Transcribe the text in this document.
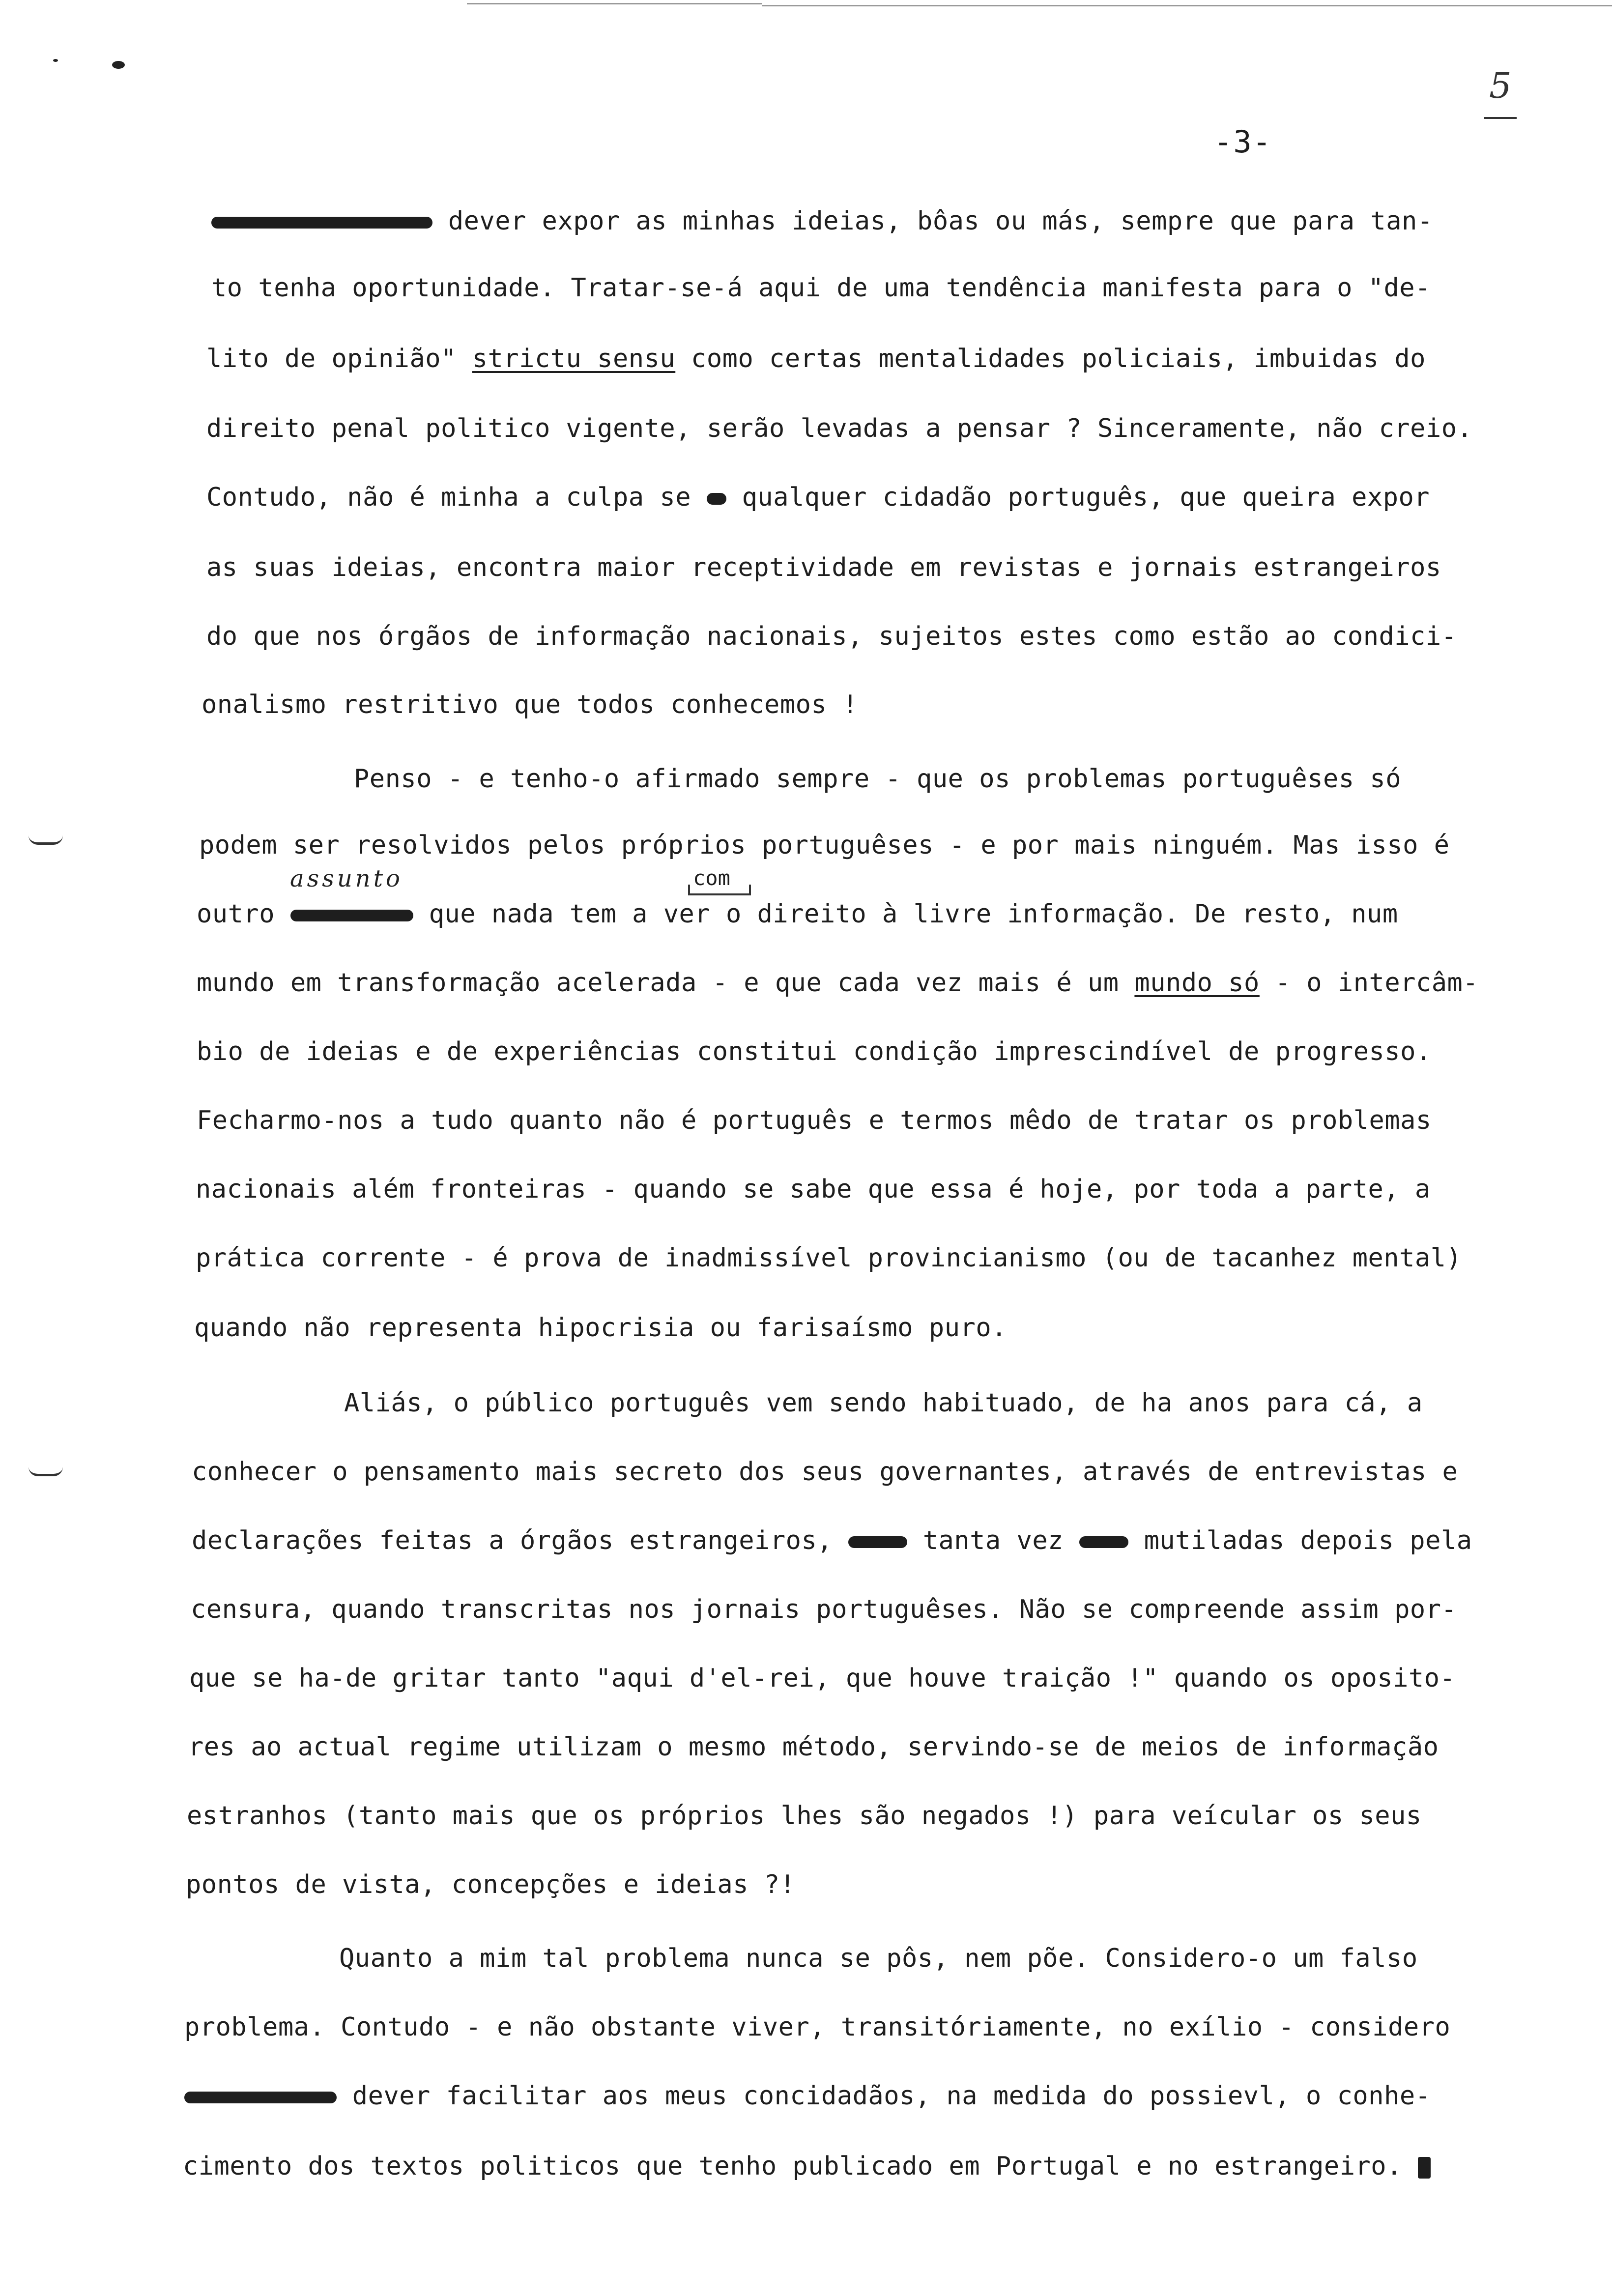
5
-3-
dever expor as minhas ideias, bôas ou más, sempre que para tan-
to tenha oportunidade. Tratar-se-á aqui de uma tendência manifesta para o "de-
lito de opinião" strictu sensu como certas mentalidades policiais, imbuidas do
direito penal politico vigente, serão levadas a pensar ? Sinceramente, não creio.
Contudo, não é minha a culpa se  qualquer cidadão português, que queira expor
as suas ideias, encontra maior receptividade em revistas e jornais estrangeiros
do que nos órgãos de informação nacionais, sujeitos estes como estão ao condici-
onalismo restritivo que todos conhecemos !
Penso - e tenho-o afirmado sempre - que os problemas portuguêses só
podem ser resolvidos pelos próprios portuguêses - e por mais ninguém. Mas isso é
assunto	com
outro	que nada tem a ver o direito à livre informação. De resto, num
mundo em transformação acelerada - e que cada vez mais é um mundo só - o intercâm-
bio de ideias e de experiências constitui condição imprescindível de progresso.
Fecharmo-nos a tudo quanto não é português e termos mêdo de tratar os problemas
nacionais além fronteiras - quando se sabe que essa é hoje, por toda a parte, a
prática corrente - é prova de inadmissível provincianismo (ou de tacanhez mental)
quando não representa hipocrisia ou farisaísmo puro.
Aliás, o público português vem sendo habituado, de ha anos para cá, a
conhecer o pensamento mais secreto dos seus governantes, através de entrevistas e
declarações feitas a órgãos estrangeiros,  tanta vez  mutiladas depois pela
censura, quando transcritas nos jornais portuguêses. Não se compreende assim por-
que se ha-de gritar tanto "aqui d'el-rei, que houve traição !" quando os oposito-
res ao actual regime utilizam o mesmo método, servindo-se de meios de informação
estranhos (tanto mais que os próprios lhes são negados !) para veícular os seus
pontos de vista, concepções e ideias ?!
Quanto a mim tal problema nunca se pôs, nem põe. Considero-o um falso
problema. Contudo - e não obstante viver, transitóriamente, no exílio - considero
dever facilitar aos meus concidadãos, na medida do possievl, o conhe-
cimento dos textos politicos que tenho publicado em Portugal e no estrangeiro.
